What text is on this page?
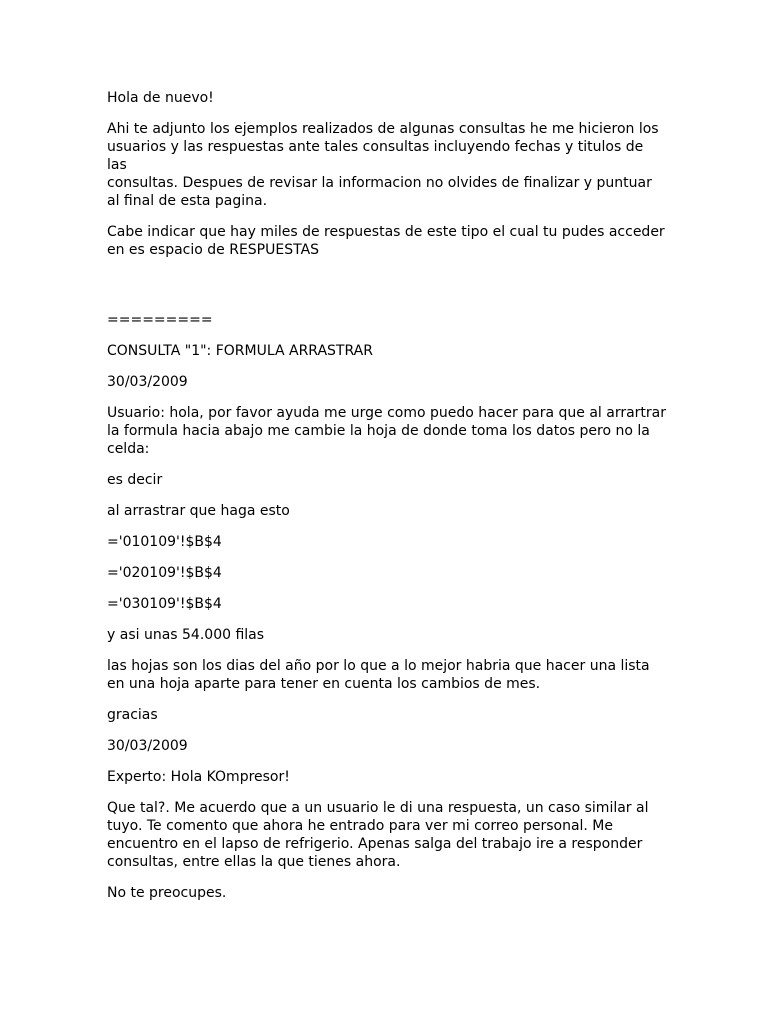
Hola de nuevo!

Ahi te adjunto los ejemplos realizados de algunas consultas he me hicieron los
usuarios y las respuestas ante tales consultas incluyendo fechas y titulos de las
consultas. Despues de revisar la informacion no olvides de finalizar y puntuar
al final de esta pagina.

Cabe indicar que hay miles de respuestas de este tipo el cual tu pudes acceder
en es espacio de RESPUESTAS

=========

CONSULTA "1": FORMULA ARRASTRAR

30/03/2009

Usuario: hola, por favor ayuda me urge como puedo hacer para que al arrartrar
la formula hacia abajo me cambie la hoja de donde toma los datos pero no la
celda:

es decir

al arrastrar que haga esto

='010109'!$B$4

='020109'!$B$4

='030109'!$B$4

y asi unas 54.000 filas

las hojas son los dias del año por lo que a lo mejor habria que hacer una lista
en una hoja aparte para tener en cuenta los cambios de mes.

gracias

30/03/2009

Experto: Hola KOmpresor!

Que tal?. Me acuerdo que a un usuario le di una respuesta, un caso similar al
tuyo. Te comento que ahora he entrado para ver mi correo personal. Me
encuentro en el lapso de refrigerio. Apenas salga del trabajo ire a responder
consultas, entre ellas la que tienes ahora.

No te preocupes.
